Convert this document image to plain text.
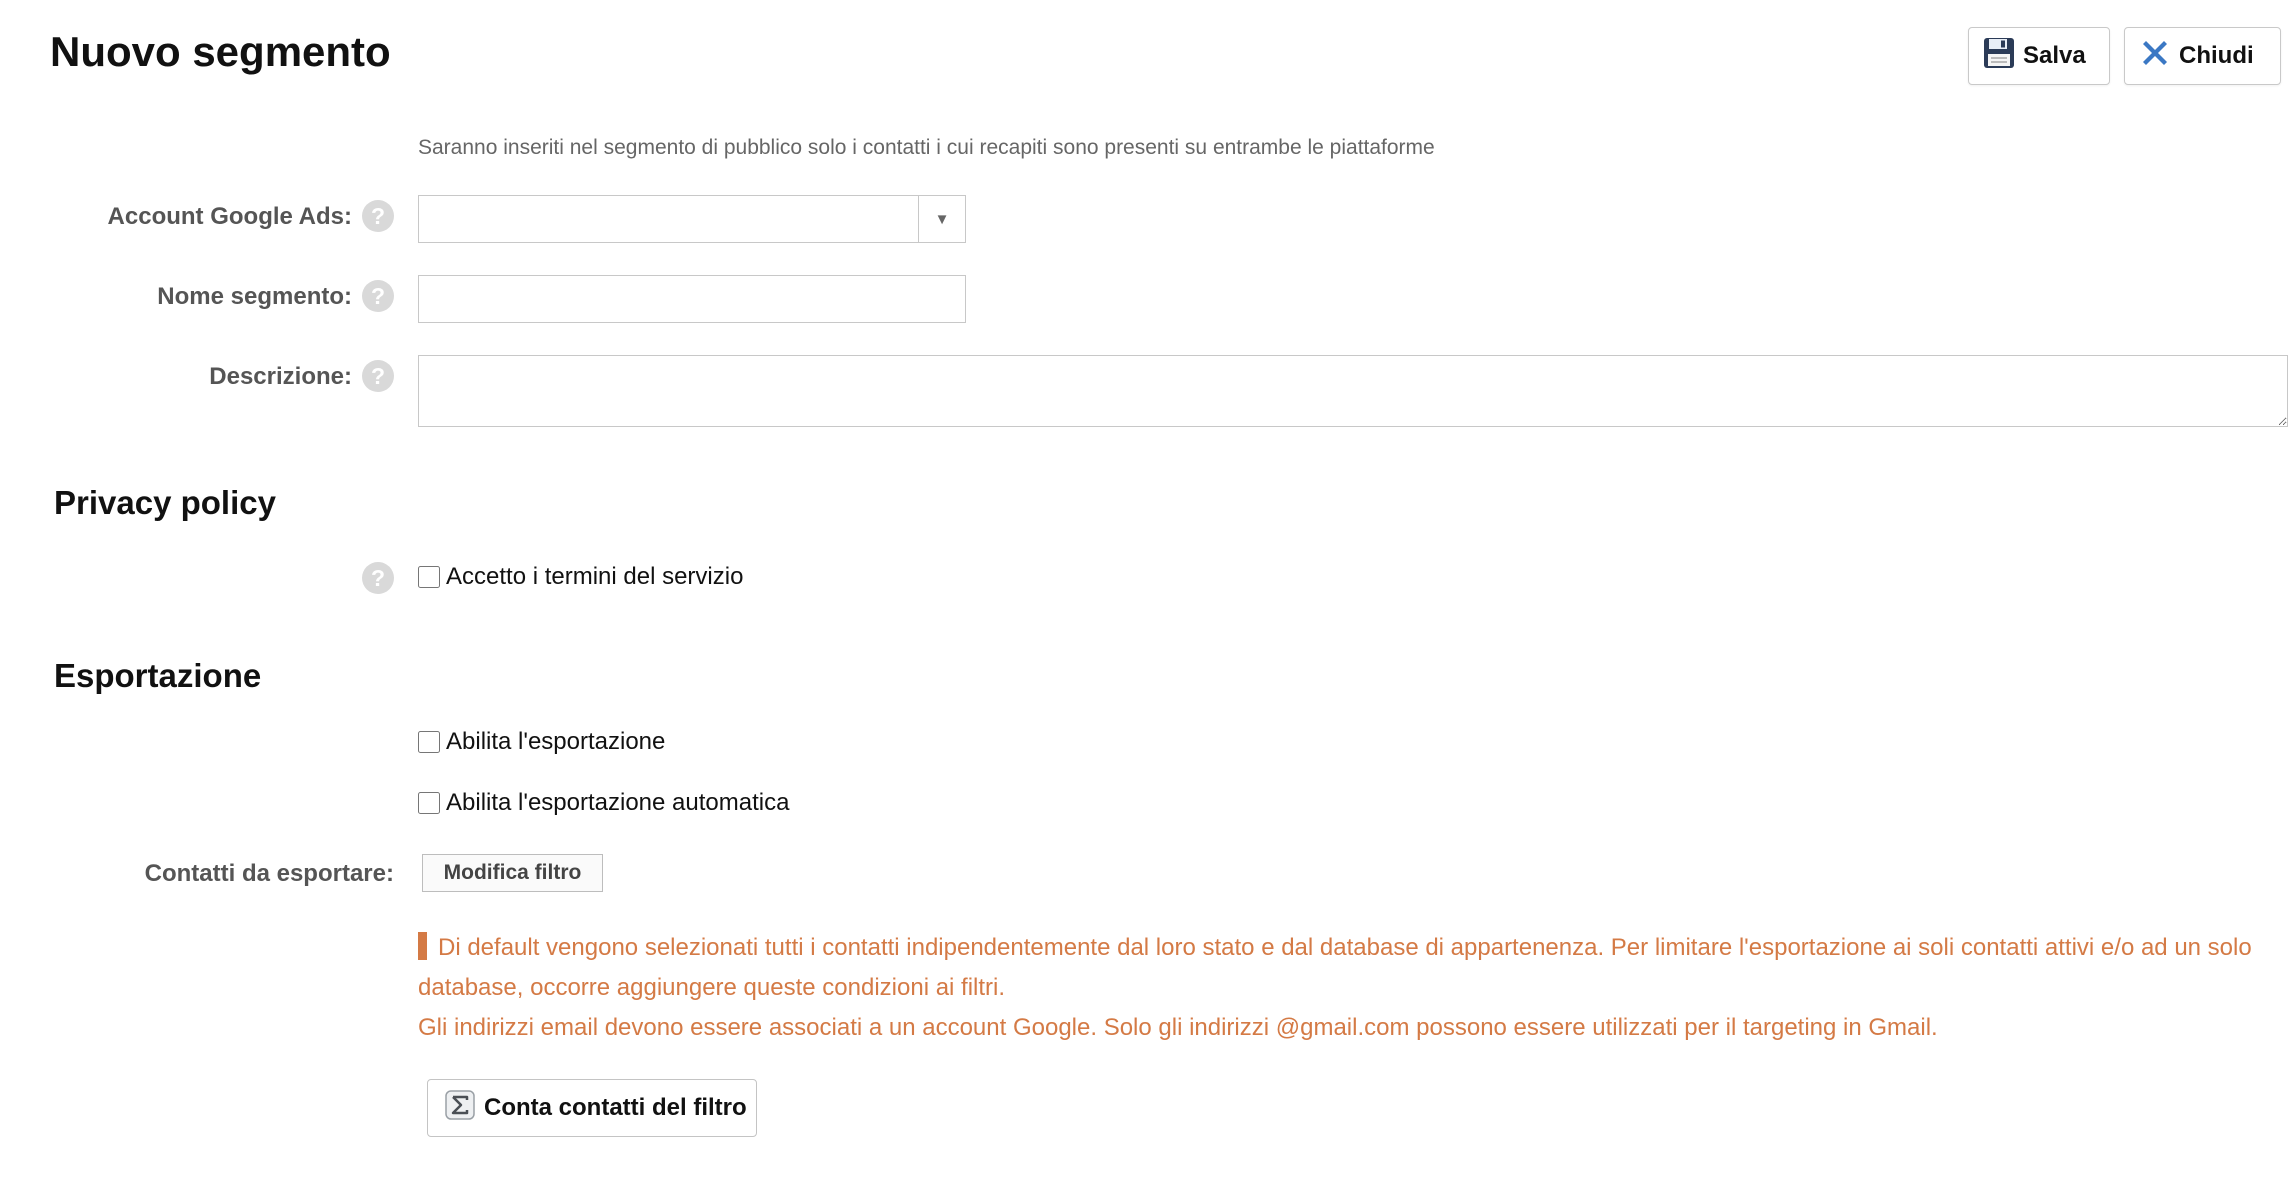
Nuovo segmento	Salva	Chiudi
Saranno inseriti nel segmento di pubblico solo i contatti i cui recapiti sono presenti su entrambe le piattaforme
Account Google Ads: ?	▼
Nome segmento: ?
Descrizione: ?
Privacy policy
?	Accetto i termini del servizio
Esportazione
Abilita l'esportazione
Abilita l'esportazione automatica
Contatti da esportare:	Modifica filtro
Di default vengono selezionati tutti i contatti indipendentemente dal loro stato e dal database di appartenenza. Per limitare l'esportazione ai soli contatti attivi e/o ad un solo database, occorre aggiungere queste condizioni ai filtri.
Gli indirizzi email devono essere associati a un account Google. Solo gli indirizzi @gmail.com possono essere utilizzati per il targeting in Gmail.
Conta contatti del filtro
